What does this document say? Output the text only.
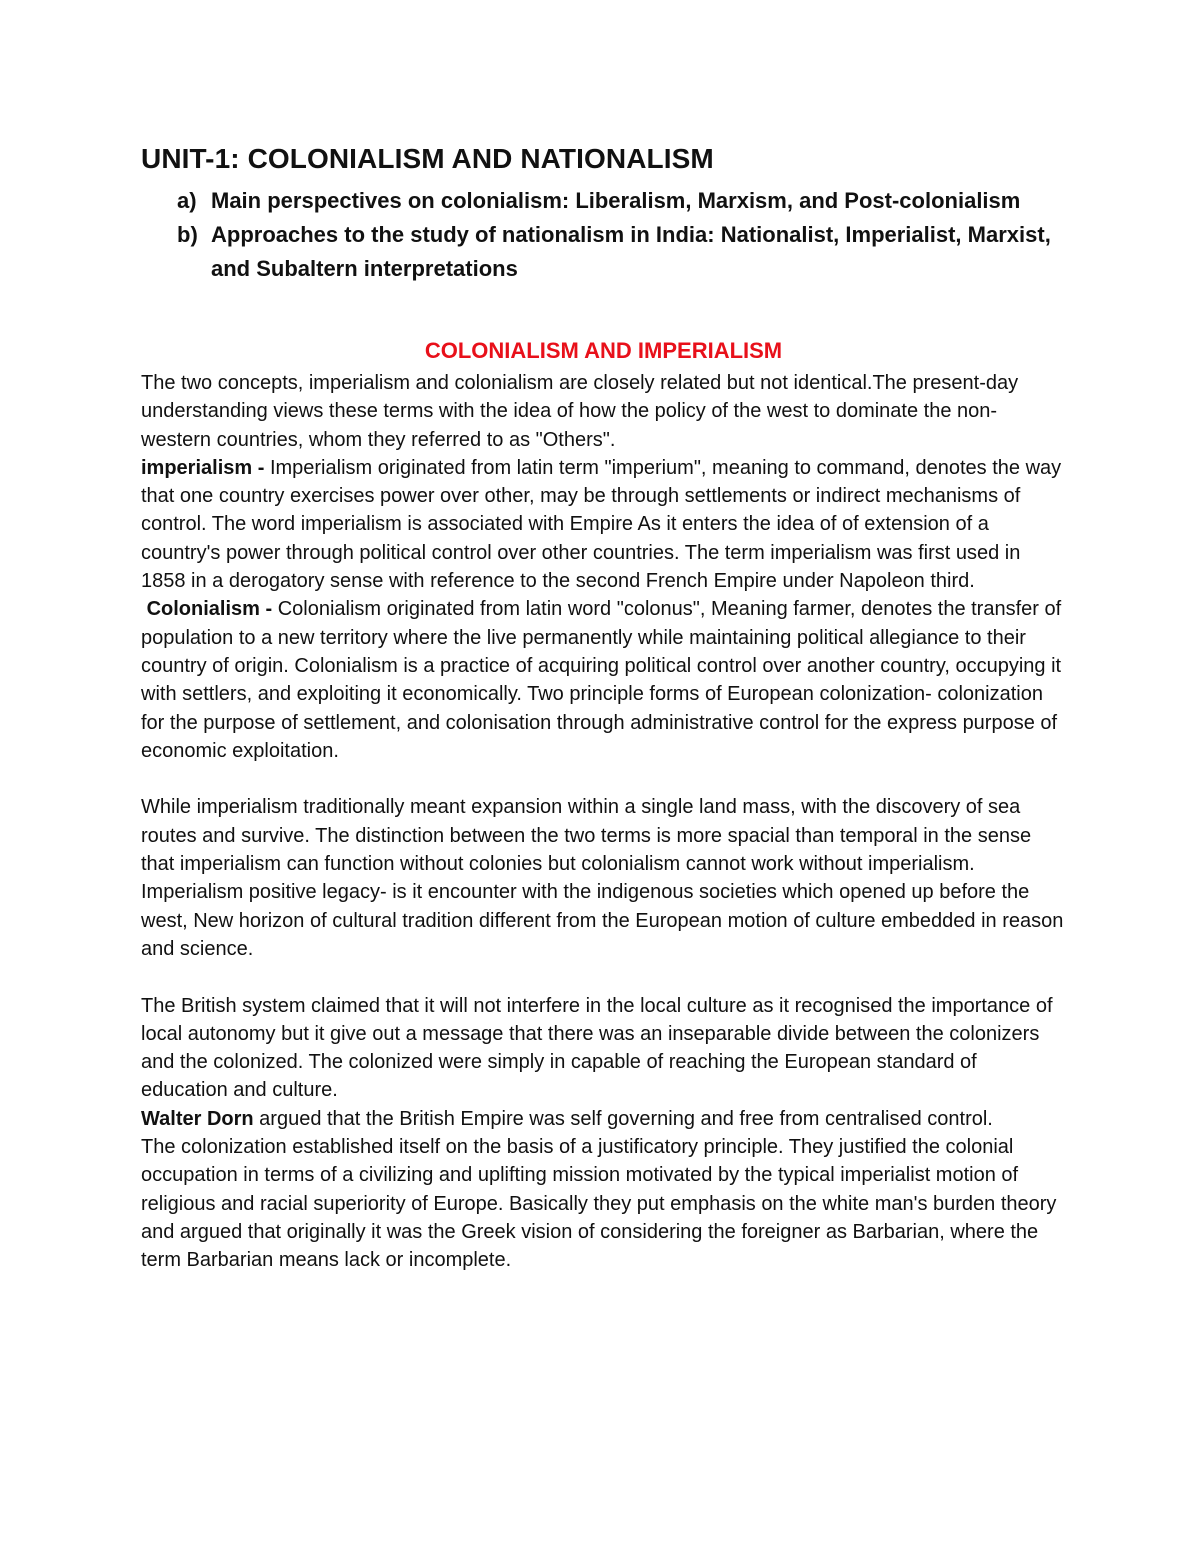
UNIT-1: COLONIALISM AND NATIONALISM
a) Main perspectives on colonialism: Liberalism, Marxism, and Post-colonialism
b) Approaches to the study of nationalism in India: Nationalist, Imperialist, Marxist, and Subaltern interpretations
COLONIALISM AND IMPERIALISM

The two concepts, imperialism and colonialism are closely related but not identical.The present-day understanding views these terms with the idea of how the policy of the west to dominate the non-western countries, whom they referred to as "Others".

imperialism - Imperialism originated from latin term "imperium", meaning to command, denotes the way that one country exercises power over other, may be through settlements or indirect mechanisms of control. The word imperialism is associated with Empire As it enters the idea of of extension of a country's power through political control over other countries. The term imperialism was first used in 1858 in a derogatory sense with reference to the second French Empire under Napoleon third.

Colonialism - Colonialism originated from latin word "colonus", Meaning farmer, denotes the transfer of population to a new territory where the live permanently while maintaining political allegiance to their country of origin. Colonialism is a practice of acquiring political control over another country, occupying it with settlers, and exploiting it economically. Two principle forms of European colonization- colonization for the purpose of settlement, and colonisation through administrative control for the express purpose of economic exploitation.

While imperialism traditionally meant expansion within a single land mass, with the discovery of sea routes and survive. The distinction between the two terms is more spacial than temporal in the sense that imperialism can function without colonies but colonialism cannot work without imperialism. Imperialism positive legacy- is it encounter with the indigenous societies which opened up before the west, New horizon of cultural tradition different from the European motion of culture embedded in reason and science.

The British system claimed that it will not interfere in the local culture as it recognised the importance of local autonomy but it give out a message that there was an inseparable divide between the colonizers and the colonized. The colonized were simply in capable of reaching the European standard of education and culture.

Walter Dorn argued that the British Empire was self governing and free from centralised control.

The colonization established itself on the basis of a justificatory principle. They justified the colonial occupation in terms of a civilizing and uplifting mission motivated by the typical imperialist motion of religious and racial superiority of Europe. Basically they put emphasis on the white man's burden theory and argued that originally it was the Greek vision of considering the foreigner as Barbarian, where the term Barbarian means lack or incomplete.
